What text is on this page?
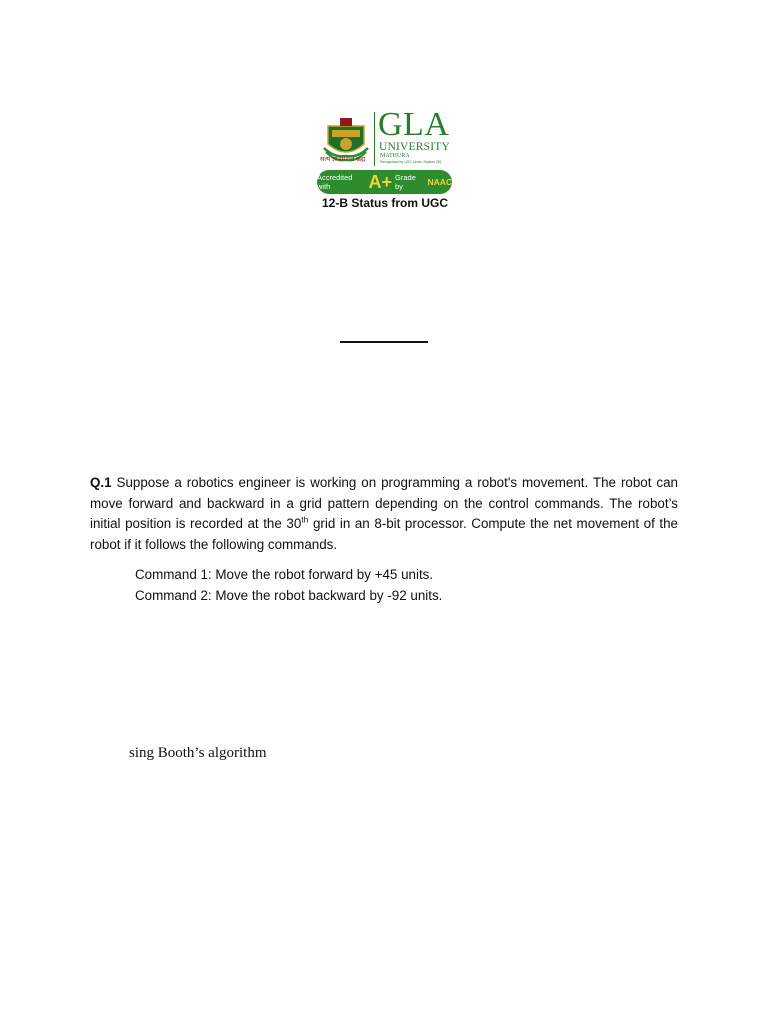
सत्यं ज्ञानमनन्तं ब्रह्म
GLA
UNIVERSITY
MATHURA
Recognised by UGC Under Section 2(f)
Accredited with	A+ Grade by	NAAC
12-B Status from UGC
Q.1 Suppose a robotics engineer is working on programming a robot's movement. The robot can move forward and backward in a grid pattern depending on the control commands. The robot’s initial position is recorded at the 30th grid in an 8-bit processor. Compute the net movement of the robot if it follows the following commands.
Command 1: Move the robot forward by +45 units.
Command 2: Move the robot backward by -92 units.
sing Booth’s algorithm
